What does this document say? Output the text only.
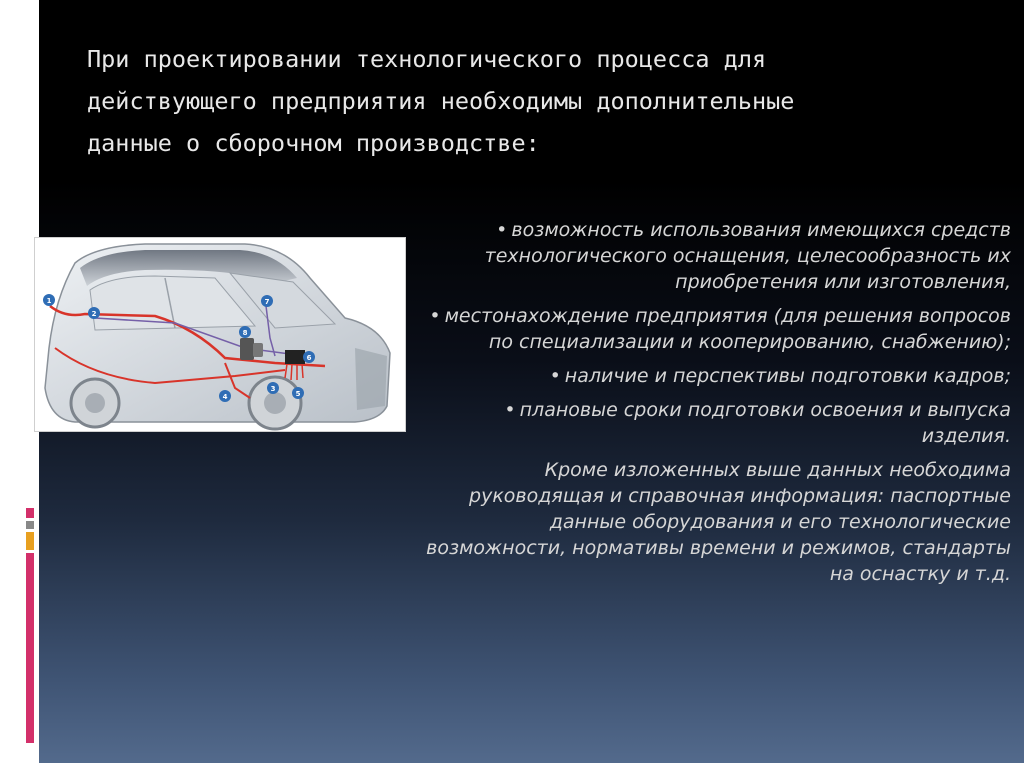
При проектировании технологического процесса для
действующего предприятия необходимы дополнительные
данные о сборочном производстве:

• возможность использования имеющихся средств технологического оснащения, целесообразность их приобретения или изготовления,

• местонахождение предприятия (для решения вопросов по специализации и кооперированию, снабжению);

• наличие и перспективы подготовки кадров;

• плановые сроки подготовки освоения и выпуска изделия.

Кроме изложенных выше данных необходима руководящая и справочная информация: паспортные данные оборудования и его технологические возможности, нормативы времени и режимов, стандарты на оснастку и т.д.

1
2
3
4	5
6
7
8
